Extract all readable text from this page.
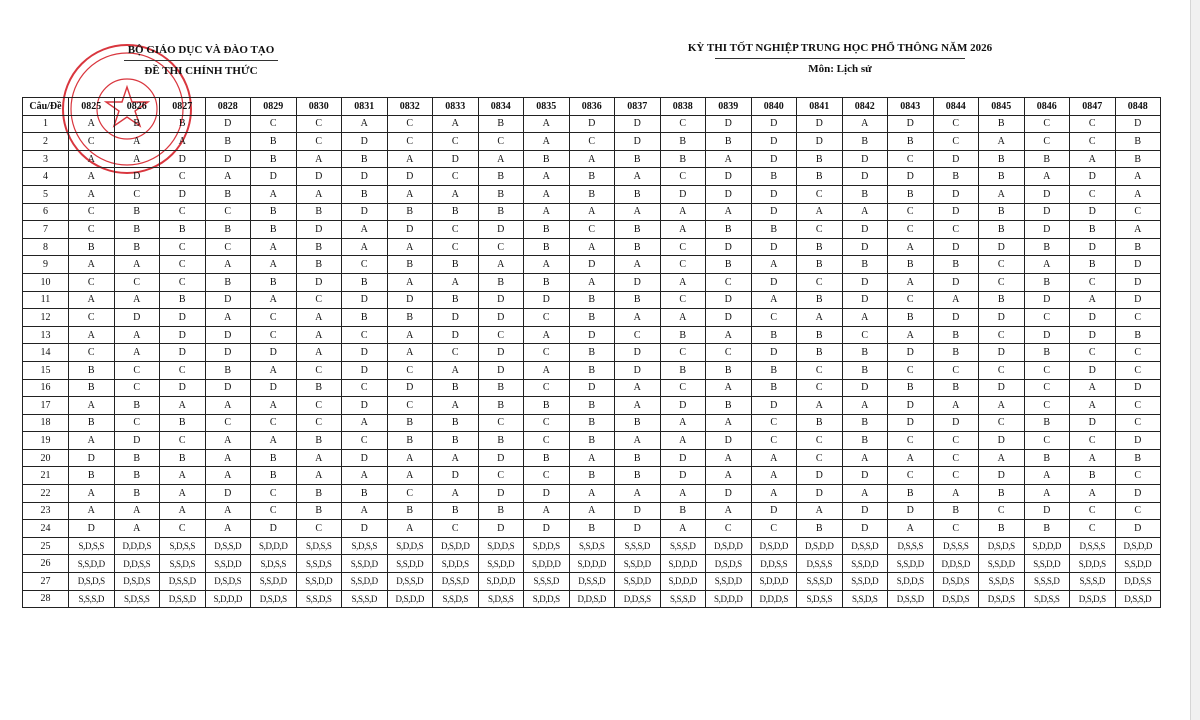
BỘ GIÁO DỤC VÀ ĐÀO TẠO
ĐỀ THI CHÍNH THỨC
KỲ THI TỐT NGHIỆP TRUNG HỌC PHỔ THÔNG NĂM 2026
Môn: Lịch sử
Câu/Đề	0825	0826	0827	0828	0829	0830	0831	0832	0833	0834	0835	0836	0837	0838	0839	0840	0841	0842	0843	0844	0845	0846	0847	0848
1	A	B	B	D	C	C	A	C	A	B	A	D	D	C	D	D	D	A	D	C	B	C	C	D
2	C	A	A	B	B	C	D	C	C	C	A	C	D	B	B	D	D	B	B	C	A	C	C	B
3	A	A	D	D	B	A	B	A	D	A	B	A	B	B	A	D	B	D	C	D	B	B	A	B
4	A	D	C	A	D	D	D	D	C	B	A	B	A	C	D	B	B	D	D	B	B	A	D	A
5	A	C	D	B	A	A	B	A	A	B	A	B	B	D	D	D	C	B	B	D	A	D	C	A
6	C	B	C	C	B	B	D	B	B	B	A	A	A	A	A	D	A	A	C	D	B	D	D	C
7	C	B	B	B	B	D	A	D	C	D	B	C	B	A	B	B	C	D	C	C	B	D	B	A
8	B	B	C	C	A	B	A	A	C	C	B	A	B	C	D	D	B	D	A	D	D	B	D	B
9	A	A	C	A	A	B	C	B	B	A	A	D	A	C	B	A	B	B	B	B	C	A	B	D
10	C	C	C	B	B	D	B	A	A	B	B	A	D	A	C	D	C	D	A	D	C	B	C	D
11	A	A	B	D	A	C	D	D	B	D	D	B	B	C	D	A	B	D	C	A	B	D	A	D
12	C	D	D	A	C	A	B	B	D	D	C	B	A	A	D	C	A	A	B	D	D	C	D	C
13	A	A	D	D	C	A	C	A	D	C	A	D	C	B	A	B	B	C	A	B	C	D	D	B
14	C	A	D	D	D	A	D	A	C	D	C	B	D	C	C	D	B	B	D	B	D	B	C	C
15	B	C	C	B	A	C	D	C	A	D	A	B	D	B	B	B	C	B	C	C	C	C	D	C
16	B	C	D	D	D	B	C	D	B	B	C	D	A	C	A	B	C	D	B	B	D	C	A	D
17	A	B	A	A	A	C	D	C	A	B	B	B	A	D	B	D	A	A	D	A	A	C	A	C
18	B	C	B	C	C	C	A	B	B	C	C	B	B	A	A	C	B	B	D	D	C	B	D	C
19	A	D	C	A	A	B	C	B	B	B	C	B	A	A	D	C	C	B	C	C	D	C	C	D
20	D	B	B	A	B	A	D	A	A	D	B	A	B	D	A	A	C	A	A	C	A	B	A	B
21	B	B	A	A	B	A	A	A	D	C	C	B	B	D	A	A	D	D	C	C	D	A	B	C
22	A	B	A	D	C	B	B	C	A	D	D	A	A	A	D	A	D	A	B	A	B	A	A	D
23	A	A	A	A	C	B	A	B	B	B	A	A	D	B	A	D	A	D	D	B	C	D	C	C
24	D	A	C	A	D	C	D	A	C	D	D	B	D	A	C	C	B	D	A	C	B	B	C	D
25	S,D,S,S	D,D,D,S	S,D,S,S	D,S,S,D	S,D,D,D	S,D,S,S	S,D,S,S	S,D,D,S	D,S,D,D	S,D,D,S	S,D,D,S	S,S,D,S	S,S,S,D	S,S,S,D	D,S,D,D	D,S,D,D	D,S,D,D	D,S,S,D	D,S,S,S	D,S,S,S	D,S,D,S	S,D,D,D	D,S,S,S	D,S,D,D
26	S,S,D,D	D,D,S,S	S,S,D,S	S,S,D,D	S,D,S,S	S,S,D,S	S,S,D,D	S,S,D,D	S,D,D,S	S,S,D,D	S,D,D,D	S,D,D,D	S,S,D,D	S,D,D,D	D,S,D,S	D,D,S,S	D,S,S,S	S,S,D,D	S,S,D,D	D,D,S,D	S,S,D,D	S,S,D,D	S,D,D,S	S,S,D,D
27	D,S,D,S	D,S,D,S	D,S,S,D	D,S,D,S	S,S,D,D	S,S,D,D	S,S,D,D	D,S,S,D	D,S,S,D	S,D,D,D	S,S,S,D	D,S,S,D	S,S,D,D	S,D,D,D	S,S,D,D	S,D,D,D	S,S,S,D	S,S,D,D	S,D,D,S	D,S,D,S	S,S,D,S	S,S,S,D	S,S,S,D	D,D,S,S
28	S,S,S,D	S,D,S,S	D,S,S,D	S,D,D,D	D,S,D,S	S,S,D,S	S,S,S,D	D,S,D,D	S,S,D,S	S,D,S,S	S,D,D,S	D,D,S,D	D,D,S,S	S,S,S,D	S,D,D,D	D,D,D,S	S,D,S,S	S,S,D,S	D,S,S,D	D,S,D,S	D,S,D,S	S,D,S,S	D,S,D,S	D,S,S,D
